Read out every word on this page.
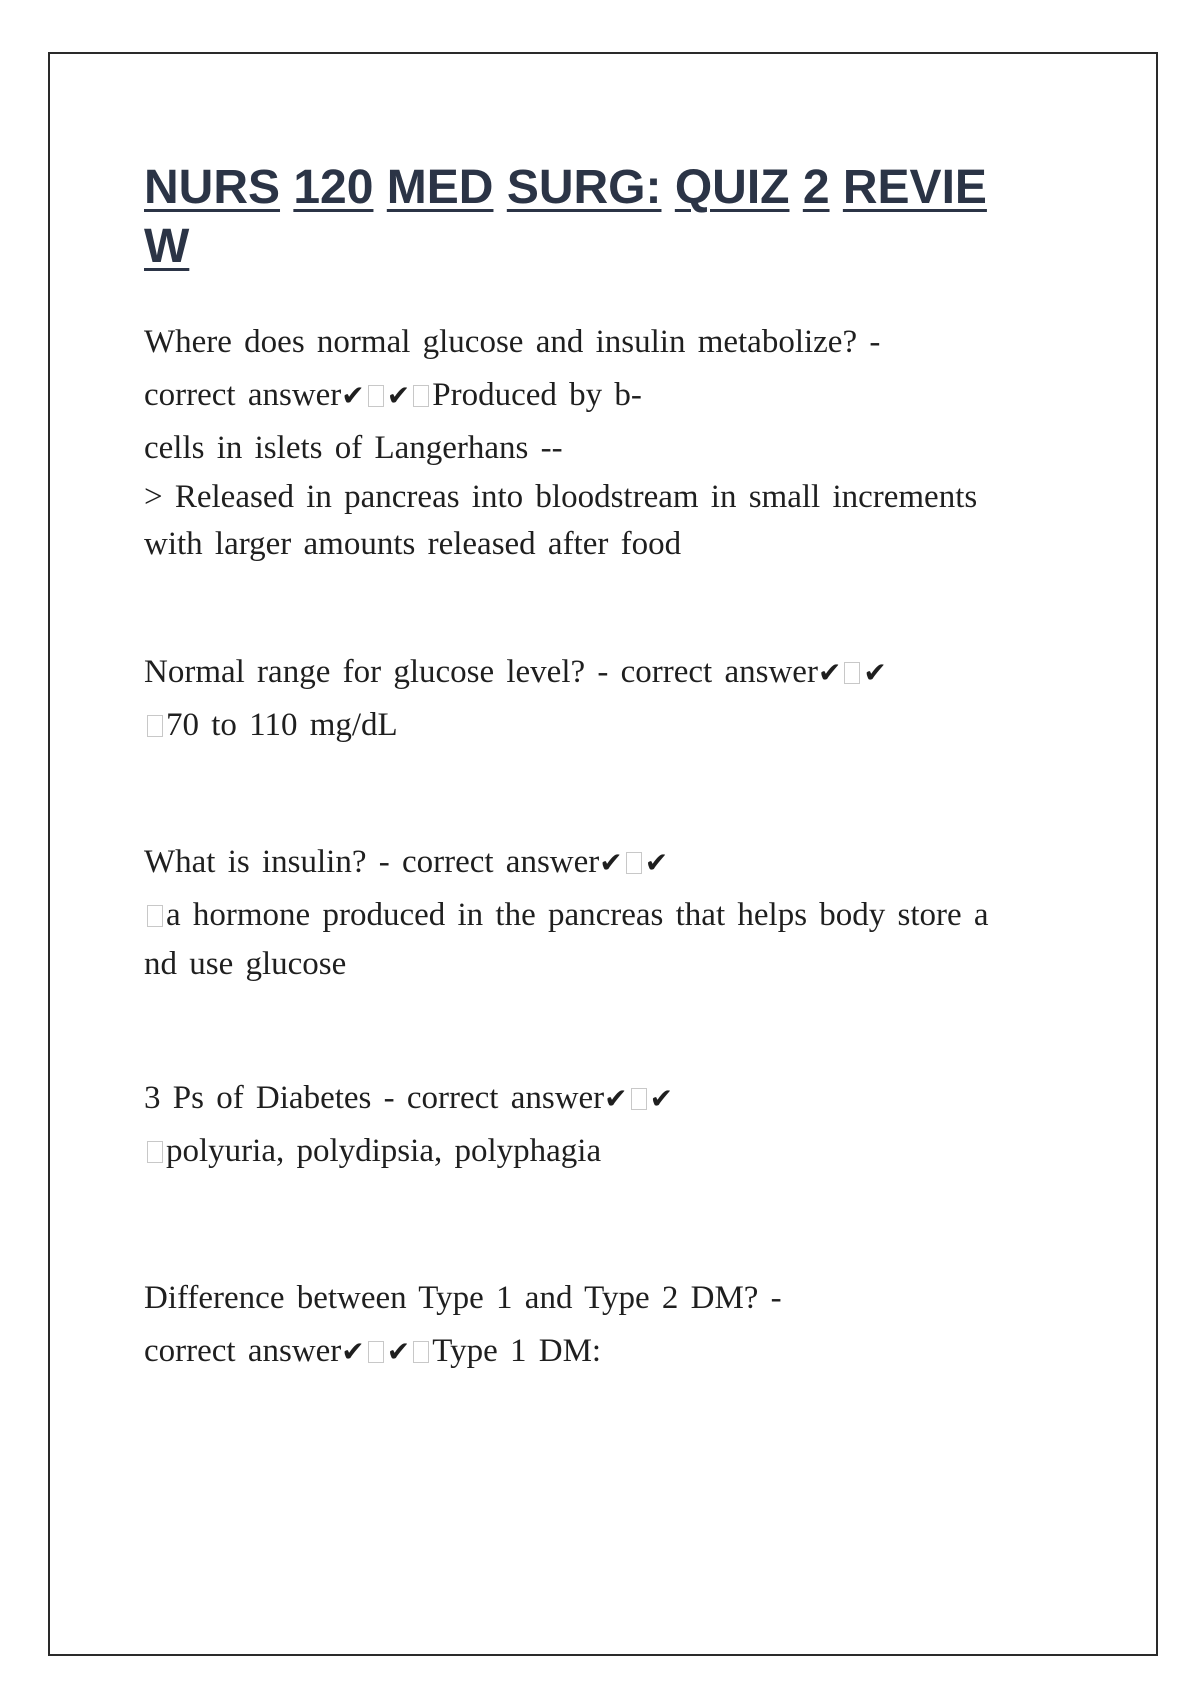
NURS 120 MED SURG: QUIZ 2 REVIE
W
Where does normal glucose and insulin metabolize? -
correct answer✔ ✔ Produced by b-
cells in islets of Langerhans --
> Released in pancreas into bloodstream in small increments
with larger amounts released after food
Normal range for glucose level? - correct answer✔ ✔
70 to 110 mg/dL
What is insulin? - correct answer✔ ✔
a hormone produced in the pancreas that helps body store a
nd use glucose
3 Ps of Diabetes - correct answer✔ ✔
polyuria, polydipsia, polyphagia
Difference between Type 1 and Type 2 DM? -
correct answer✔ ✔ Type 1 DM:
